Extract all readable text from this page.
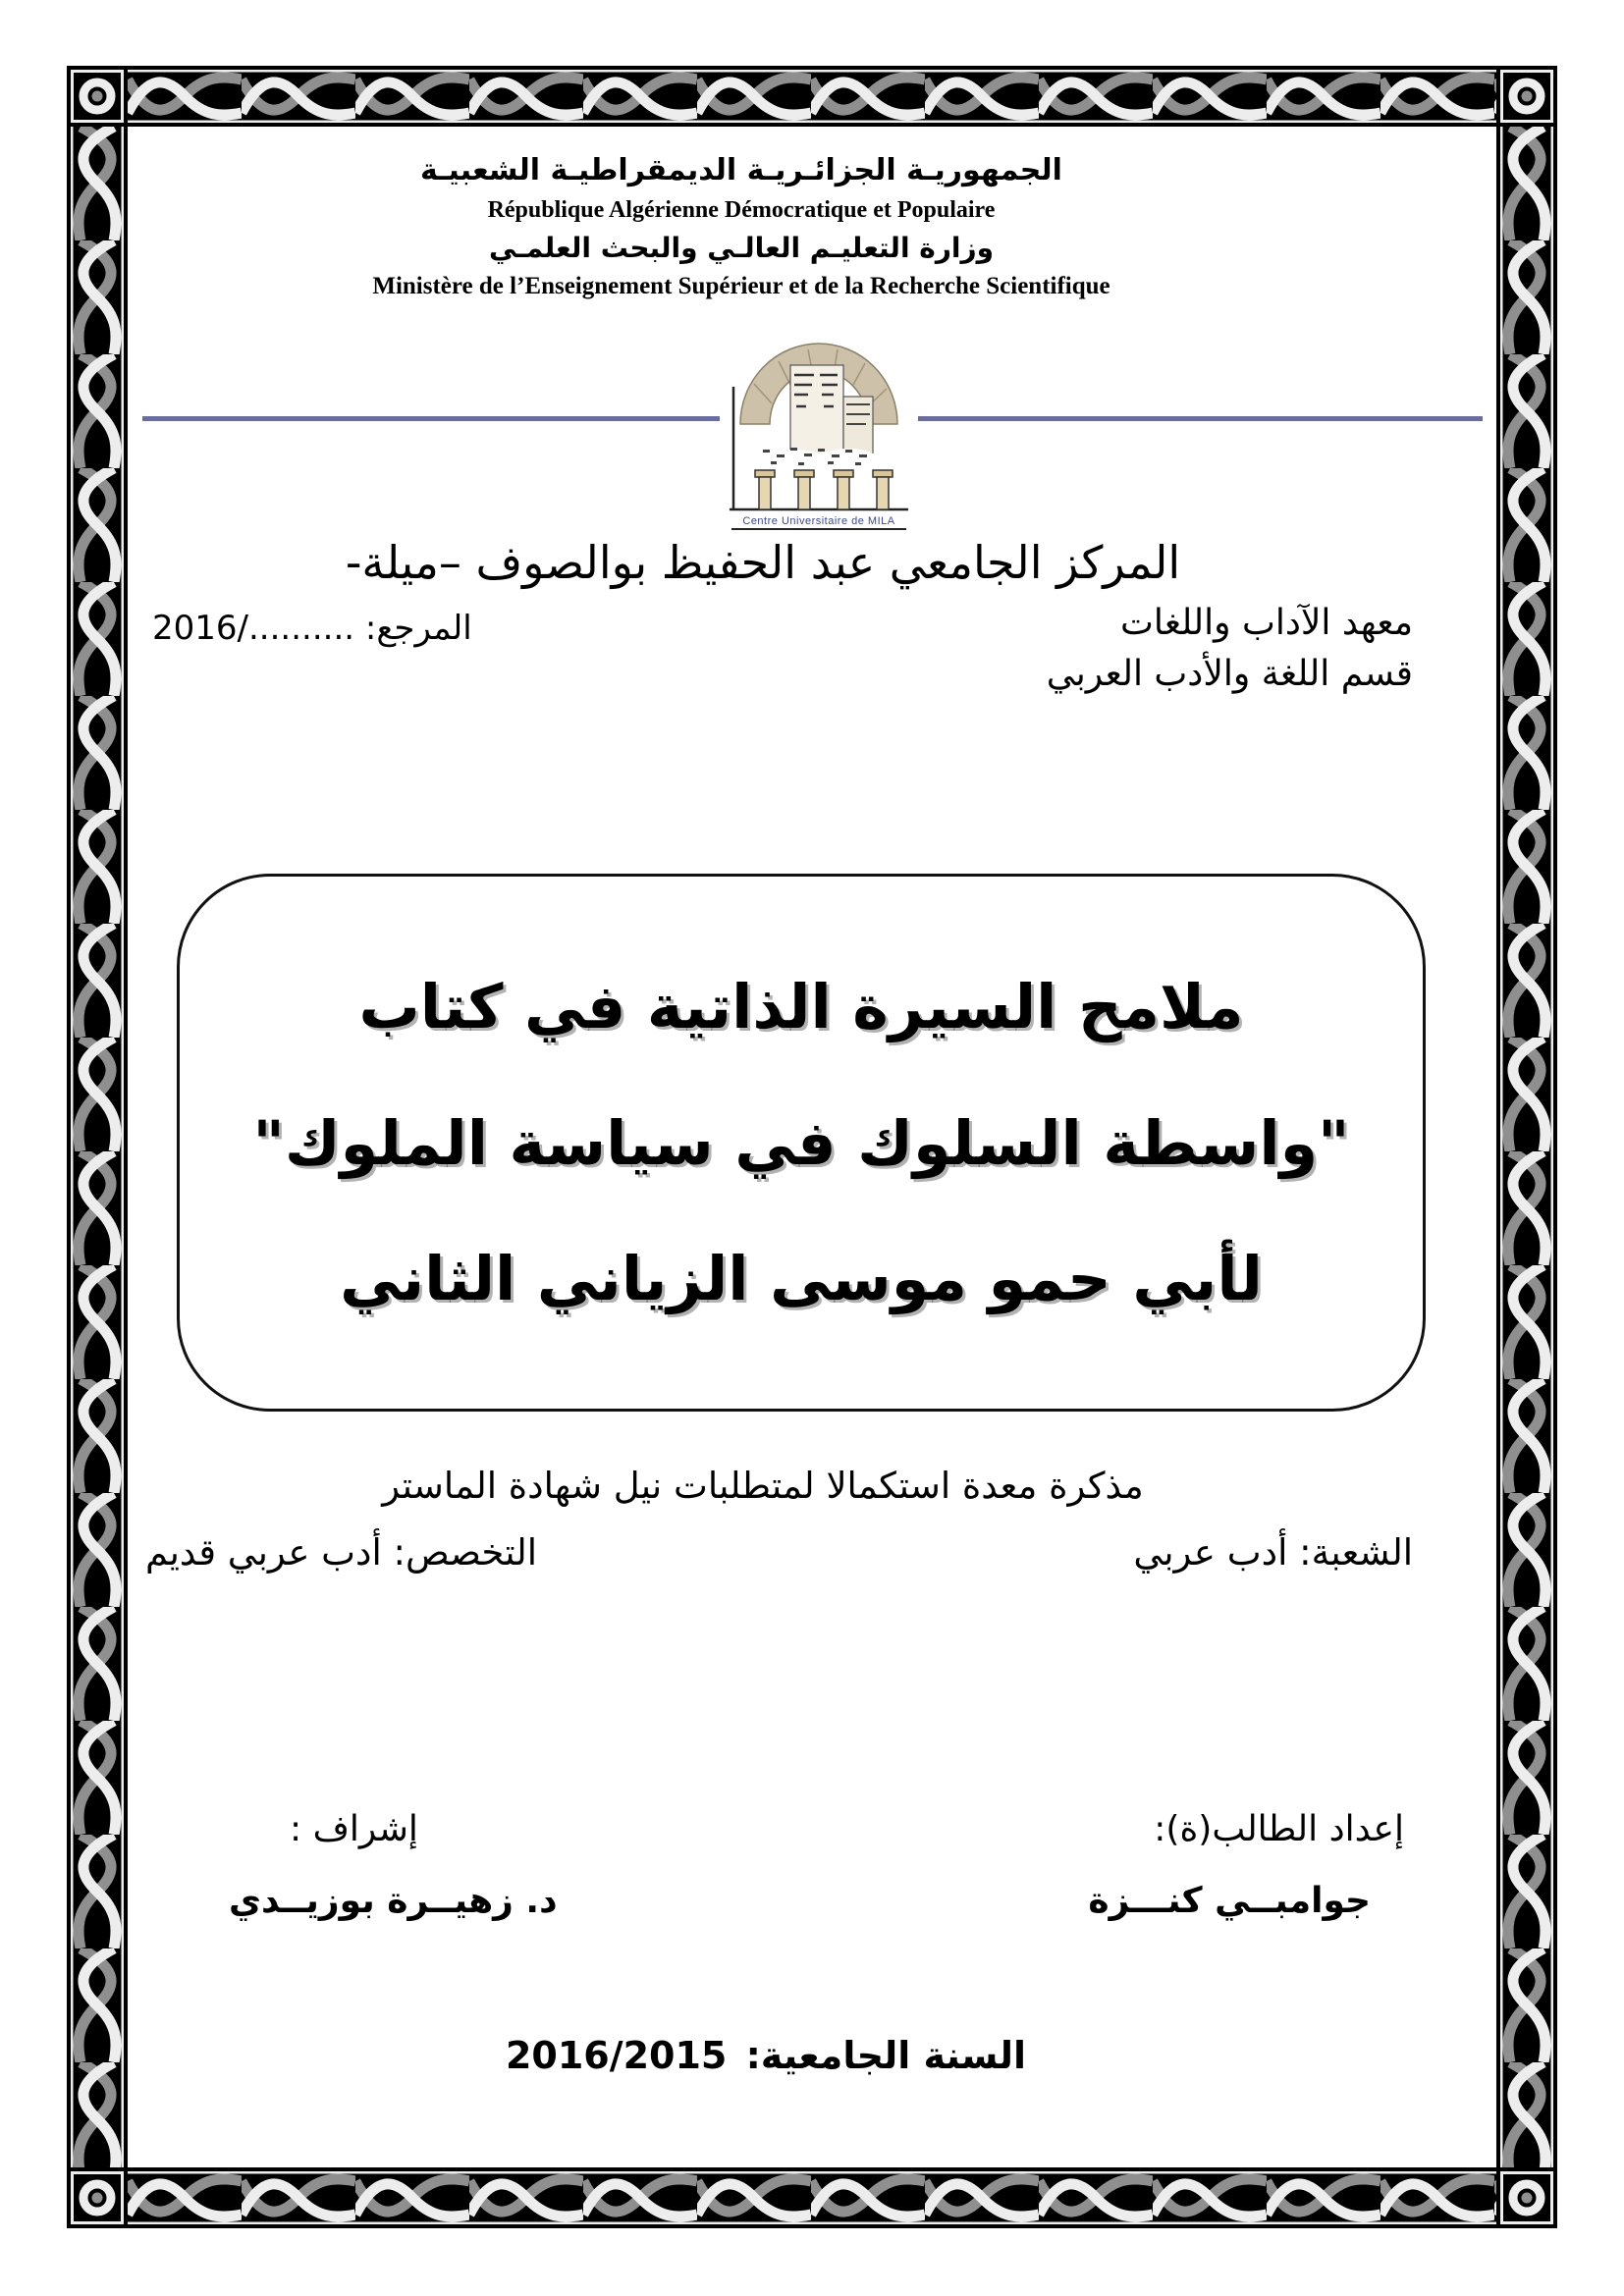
الجمهوريـة الجزائـريـة الديمقراطيـة الشعبيـة
République Algérienne Démocratique et Populaire
وزارة التعليـم العالـي والبحث العلمـي
Ministère de l’Enseignement Supérieur et de la Recherche Scientifique
Centre Universitaire de MILA
المركز الجامعي عبد الحفيظ بوالصوف –ميلة-
معهد الآداب واللغات
المرجع: ........../2016
قسم اللغة والأدب العربي
ملامح السيرة الذاتية في كتاب
"واسطة السلوك في سياسة الملوك"
لأبي حمو موسى الزياني الثاني
مذكرة معدة استكمالا لمتطلبات نيل شهادة الماستر
الشعبة: أدب عربي
التخصص: أدب عربي قديم
إعداد الطالب(ة):
إشراف :
جوامبــي كنـــزة
د. زهيــرة بوزيــدي
السنة الجامعية: 2016/2015
